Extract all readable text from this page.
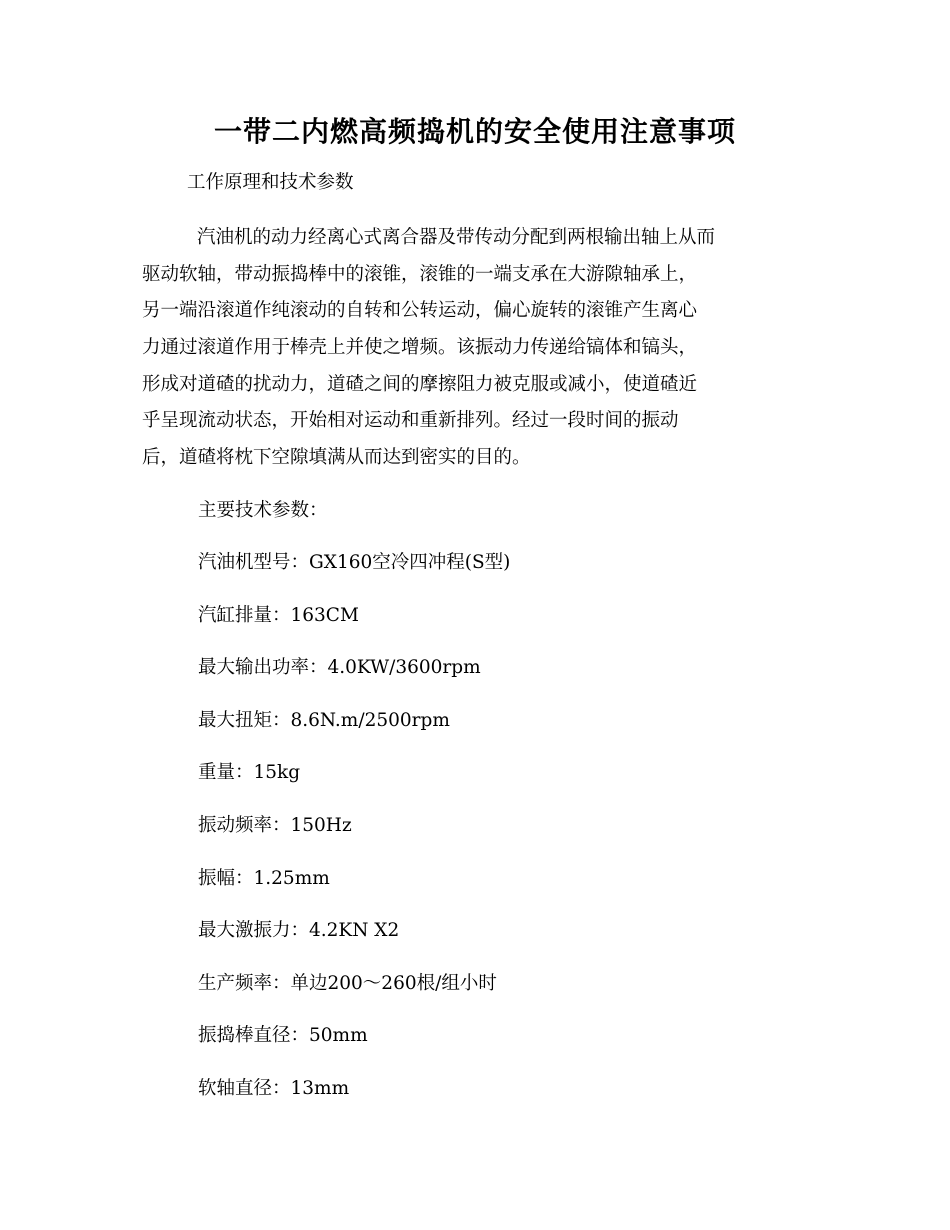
一带二内燃高频捣机的安全使用注意事项
工作原理和技术参数
汽油机的动力经离心式离合器及带传动分配到两根输出轴上从而
驱动软轴，带动振捣棒中的滚锥，滚锥的一端支承在大游隙轴承上，
另一端沿滚道作纯滚动的自转和公转运动，偏心旋转的滚锥产生离心
力通过滚道作用于棒壳上并使之增频。该振动力传递给镐体和镐头，
形成对道碴的扰动力，道碴之间的摩擦阻力被克服或减小，使道碴近
乎呈现流动状态，开始相对运动和重新排列。经过一段时间的振动
后，道碴将枕下空隙填满从而达到密实的目的。
主要技术参数：
汽油机型号：GX160空冷四冲程(S型)
汽缸排量：163CM
最大输出功率：4.0KW/3600rpm
最大扭矩：8.6N.m/2500rpm
重量：15kg
振动频率：150Hz
振幅：1.25mm
最大激振力：4.2KN X2
生产频率：单边200～260根/组小时
振捣棒直径：50mm
软轴直径：13mm
